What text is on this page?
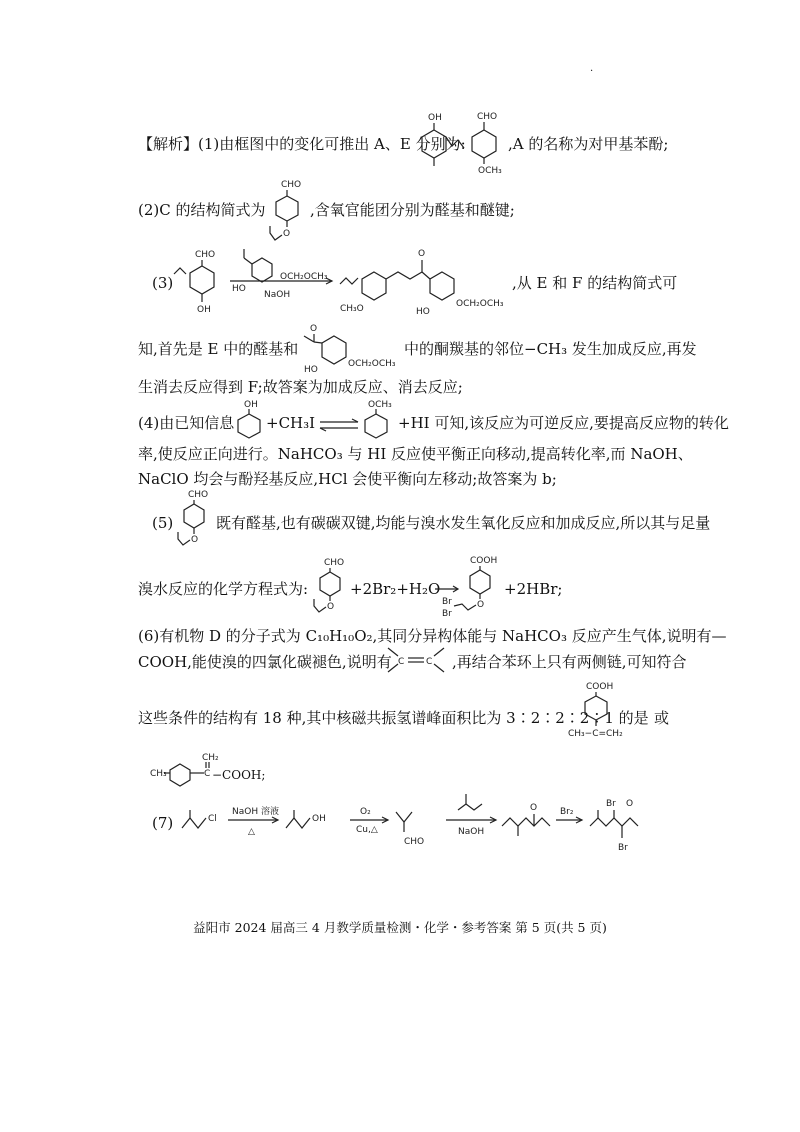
.
【解析】(1)由框图中的变化可推出 A、E 分别为:
OH	CHO
OCH₃
,A 的名称为对甲基苯酚;
(2)C 的结构简式为
CHO
O
,含氧官能团分别为醛基和醚键;
(3)
CHO
OH
HO
OCH₂OCH₃
NaOH
CH₃O
O
HO
OCH₂OCH₃
,从 E 和 F 的结构简式可
知,首先是 E 中的醛基和
O
HO
OCH₂OCH₃
中的酮羰基的邻位−CH₃ 发生加成反应,再发
生消去反应得到 F;故答案为加成反应、消去反应;
(4)由已知信息
OH
+CH₃I ⇌
OCH₃
+HI 可知,该反应为可逆反应,要提高反应物的转化
率,使反应正向进行。NaHCO₃ 与 HI 反应使平衡正向移动,提高转化率,而 NaOH、
NaClO 均会与酚羟基反应,HCl 会使平衡向左移动;故答案为 b;
(5)
CHO
O
既有醛基,也有碳碳双键,均能与溴水发生氧化反应和加成反应,所以其与足量
溴水反应的化学方程式为:
CHO
O
+2Br₂+H₂O
COOH
O
Br
Br
+2HBr;
(6)有机物 D 的分子式为 C₁₀H₁₀O₂,其同分异构体能与 NaHCO₃ 反应产生气体,说明有—
COOH,能使溴的四氯化碳褪色,说明有 C C ,再结合苯环上只有两侧链,可知符合
这些条件的结构有 18 种,其中核磁共振氢谱峰面积比为 3∶2∶2∶2∶1 的是
COOH
CH₃−C=CH₂
或
CH₃	C
CH₂
−COOH;
(7)	Cl
NaOH 溶液
△
OH
O₂
Cu,△
CHO
NaOH
O	Br₂
Br O
Br
益阳市 2024 届高三 4 月教学质量检测・化学・参考答案 第 5 页(共 5 页)
